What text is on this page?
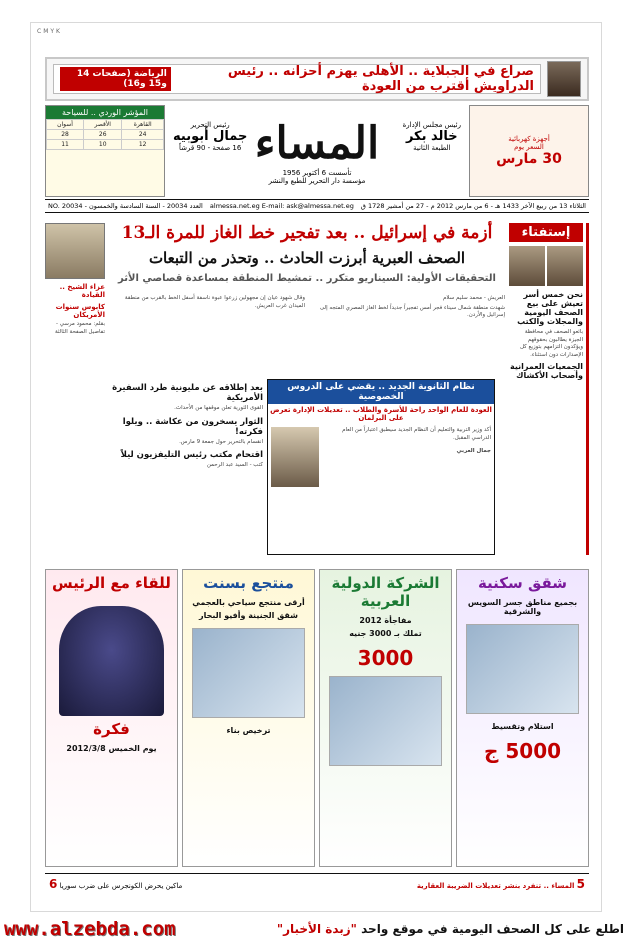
CMYK
صراع في الجبلاية .. الأهلى يهزم أحزانه .. رئيس الدراويش أقترب من العودة
الرياضة (صفحات 14 و15 و16)
أجهزة كهربائية
السعر يوم
30 مارس
رئيس مجلس الإدارة
خالد بكر
الطبعة الثانية
المساء
تأسست 6 أكتوبر 1956
مؤسسة دار التحرير للطبع والنشر
رئيس التحرير
جمال أبوبيه
16 صفحة - 90 قرشاً
المؤشر الوردي .. للسياحة
القاهرة	الأقصر	أسوان
24	26	28
12	10	11
الثلاثاء 13 من ربيع الآخر 1433 هـ - 6 من مارس 2012 م - 27 من أمشير 1728 ق
almessa.net.eg E-mail: ask@almessa.net.eg
العدد 20034 - السنة السادسة والخمسون - NO. 20034
إستفتاء
نحن خمس أسر تعيش على بيع الصحف اليومية والمجلات والكتب
بائعو الصحف في محافظة الجيزة يطالبون بحقوقهم ويؤكدون التزامهم بتوزيع كل الإصدارات دون استثناء.
الجمعيات العمرانية وأصحاب الأكشاك
أزمة في إسرائيل .. بعد تفجير خط الغاز للمرة الـ13
الصحف العبرية أبرزت الحادث .. وتحذر من التبعات
التحقيقات الأولية: السيناريو متكرر .. تمشيط المنطقة بمساعدة قصاصي الأثر

العريش - محمد سليم سلام

شهدت منطقة شمال سيناء فجر أمس تفجيراً جديداً لخط الغاز المصري المتجه إلى إسرائيل والأردن.

وقال شهود عيان إن مجهولين زرعوا عبوة ناسفة أسفل الخط بالقرب من منطقة الميدان غرب العريش.

عزاء الشيخ .. القيادة
كابوس سنوات الأمريكان
بقلم: محمود مرسي - تفاصيل الصفحة الثالثة
بعد إطلاقه عن مليونية طرد السفيرة الأمريكية
القوى الثورية تعلن موقفها من الأحداث.
الثوار يسخرون من عكاشة .. ويلوا فكرته!
انقسام بالتحرير حول جمعة 9 مارس.
اقتحام مكتب رئيس التليفزيون ليلاً
كتب - السيد عبد الرحمن
نظام الثانوية الجديد .. يقضي على الدروس الخصوصية
العودة للعام الواحد راحة للأسرة والطلاب .. تعديلات الإدارة تعرض على البرلمان
أكد وزير التربية والتعليم أن النظام الجديد سيطبق اعتباراً من العام الدراسي المقبل.
جمال العربي
شقق سكنية
بجميع مناطق جسر السويس والشرقية
استلام وتقسيط
5000 ج
الشركة الدولية العربية
مفاجأة 2012
تملك بـ 3000 جنيه
3000
منتجع بسنت
أرقى منتجع سياحي بالعجمي
شقق الجنينة وأفيو البحار
ترخيص بناء
للقاء مع الرئيس
فكرة
يوم الخميس 2012/3/8
5 المساء .. تنفرد بنشر تعديلات الضريبة العقارية
ماكين يحرض الكونجرس على ضرب سوريا 6
www.alzebda.com	اطلع على كل الصحف اليومية في موقع واحد "زبدة الأخبار"
